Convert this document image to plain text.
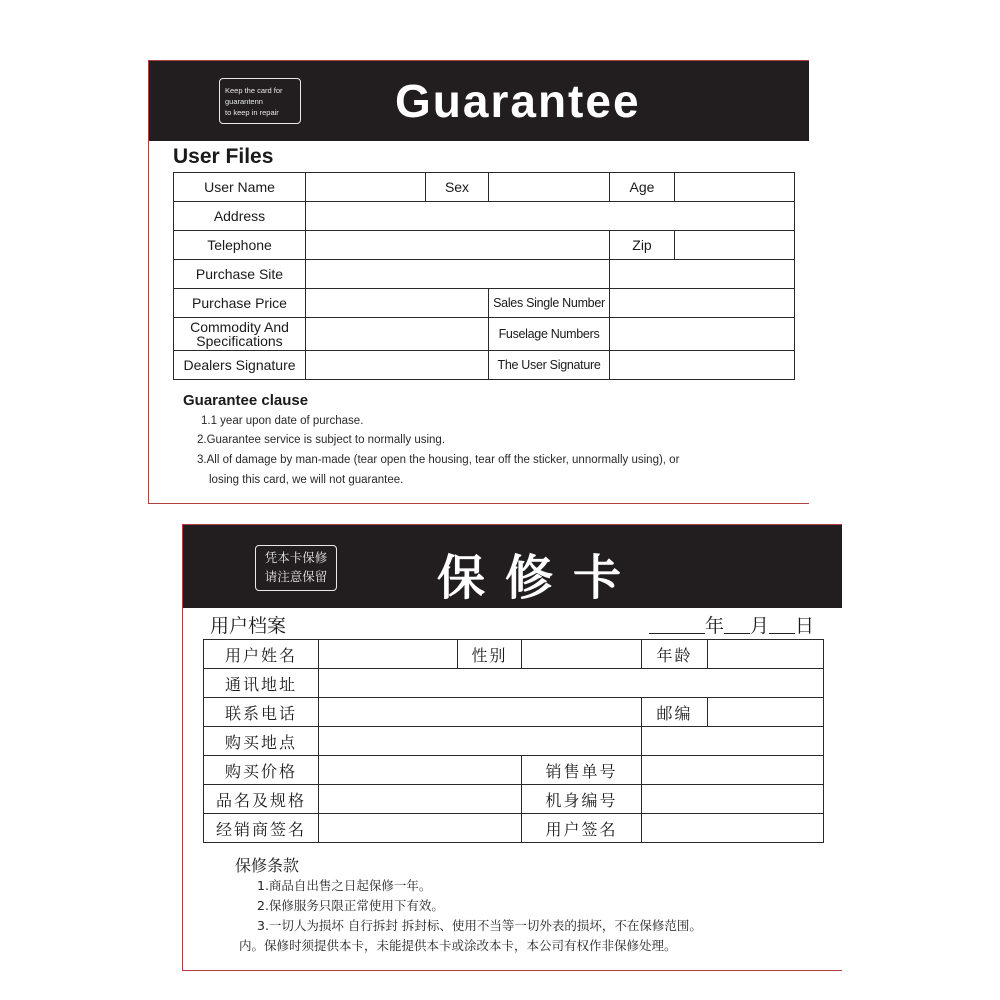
Keep the card for
guarantenn
to keep in repair	Guarantee
User Files
User Name		Sex		Age	
Address					
Telephone				Zip	
Purchase Site					
Purchase Price			Sales Single Number		

Commodity And
Specifications			Fuselage Numbers		
Dealers Signature			The User Signature		
Guarantee clause
1.1 year upon date of purchase.
2.Guarantee service is subject to normally using.
3.All of damage by man-made (tear open the housing, tear off the sticker, unnormally using), or
losing this card, we will not guarantee.
凭本卡保修
请注意保留 保修卡
用户档案	年 月 日
用户姓名		性别		年龄	
通讯地址					
联系电话				邮编	
购买地点					
购买价格			销售单号		
品名及规格			机身编号		
经销商签名			用户签名		
保修条款
1.商品自出售之日起保修一年。
2.保修服务只限正常使用下有效。
3.一切人为损坏 自行拆封 拆封标、使用不当等一切外表的损坏，不在保修范围。
内。保修时须提供本卡，未能提供本卡或涂改本卡，本公司有权作非保修处理。
